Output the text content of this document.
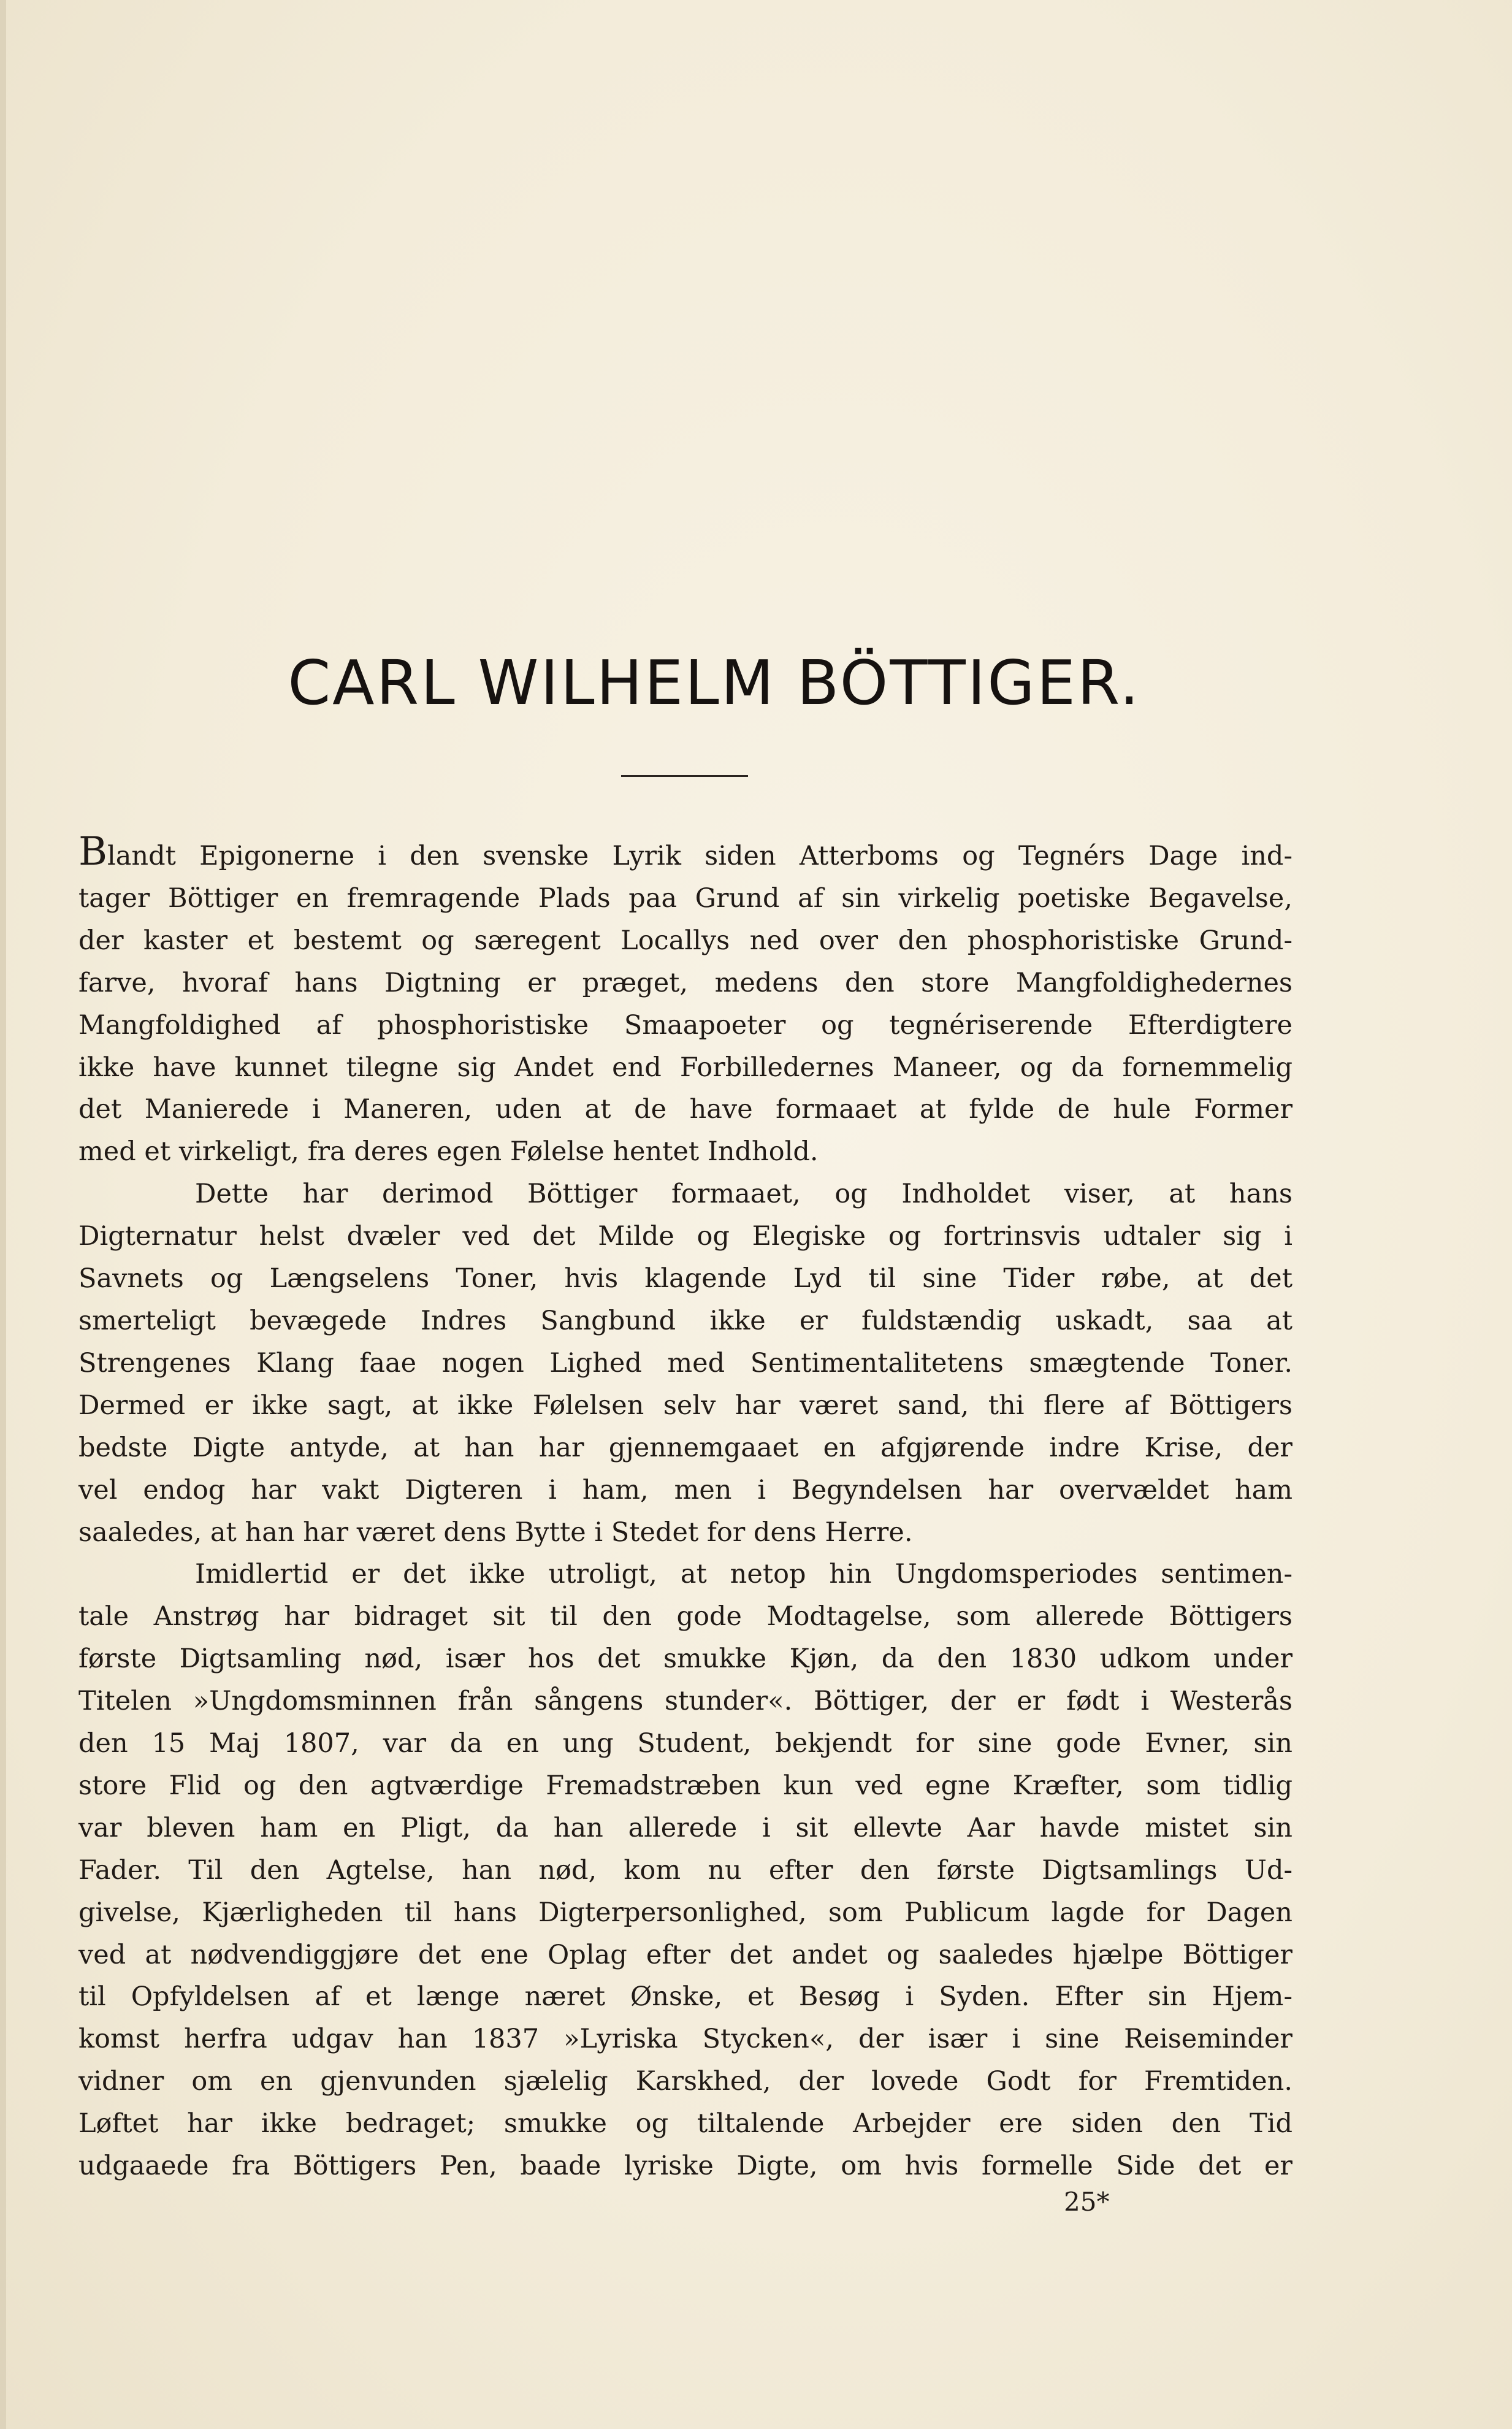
CARL WILHELM BÖTTIGER.

Blandt Epigonerne i den svenske Lyrik siden Atterboms og Tegnérs Dage ind-

tager Böttiger en fremragende Plads paa Grund af sin virkelig poetiske Begavelse,

der kaster et bestemt og særegent Locallys ned over den phosphoristiske Grund-

farve, hvoraf hans Digtning er præget, medens den store Mangfoldighedernes

Mangfoldighed af phosphoristiske Smaapoeter og tegnériserende Efterdigtere

ikke have kunnet tilegne sig Andet end Forbilledernes Maneer, og da fornemmelig

det Manierede i Maneren, uden at de have formaaet at fylde de hule Former

med et virkeligt, fra deres egen Følelse hentet Indhold.

Dette har derimod Böttiger formaaet, og Indholdet viser, at hans

Digternatur helst dvæler ved det Milde og Elegiske og fortrinsvis udtaler sig i

Savnets og Længselens Toner, hvis klagende Lyd til sine Tider røbe, at det

smerteligt bevægede Indres Sangbund ikke er fuldstændig uskadt, saa at

Strengenes Klang faae nogen Lighed med Sentimentalitetens smægtende Toner.

Dermed er ikke sagt, at ikke Følelsen selv har været sand, thi flere af Böttigers

bedste Digte antyde, at han har gjennemgaaet en afgjørende indre Krise, der

vel endog har vakt Digteren i ham, men i Begyndelsen har overvældet ham

saaledes, at han har været dens Bytte i Stedet for dens Herre.

Imidlertid er det ikke utroligt, at netop hin Ungdomsperiodes sentimen-

tale Anstrøg har bidraget sit til den gode Modtagelse, som allerede Böttigers

første Digtsamling nød, især hos det smukke Kjøn, da den 1830 udkom under

Titelen »Ungdomsminnen från sångens stunder«. Böttiger, der er født i Westerås

den 15 Maj 1807, var da en ung Student, bekjendt for sine gode Evner, sin

store Flid og den agtværdige Fremadstræben kun ved egne Kræfter, som tidlig

var bleven ham en Pligt, da han allerede i sit ellevte Aar havde mistet sin

Fader. Til den Agtelse, han nød, kom nu efter den første Digtsamlings Ud-

givelse, Kjærligheden til hans Digterpersonlighed, som Publicum lagde for Dagen

ved at nødvendiggjøre det ene Oplag efter det andet og saaledes hjælpe Böttiger

til Opfyldelsen af et længe næret Ønske, et Besøg i Syden. Efter sin Hjem-

komst herfra udgav han 1837 »Lyriska Stycken«, der især i sine Reiseminder

vidner om en gjenvunden sjælelig Karskhed, der lovede Godt for Fremtiden.

Løftet har ikke bedraget; smukke og tiltalende Arbejder ere siden den Tid

udgaaede fra Böttigers Pen, baade lyriske Digte, om hvis formelle Side det er

25*
